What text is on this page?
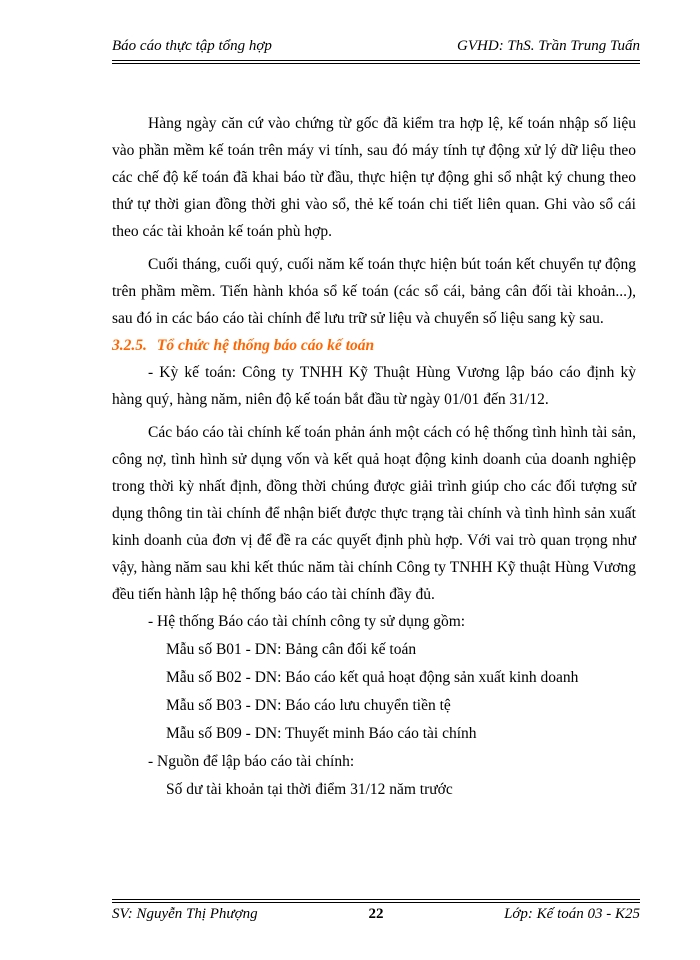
Báo cáo thực tập tổng hợp	GVHD: ThS. Trần Trung Tuấn

Hàng ngày căn cứ vào chứng từ gốc đã kiểm tra hợp lệ, kế toán nhập số liệu vào phần mềm kế toán trên máy vi tính, sau đó máy tính tự động xử lý dữ liệu theo các chế độ kế toán đã khai báo từ đầu, thực hiện tự động ghi sổ nhật ký chung theo thứ tự thời gian đồng thời ghi vào sổ, thẻ kế toán chi tiết liên quan. Ghi vào sổ cái theo các tài khoản kế toán phù hợp.

Cuối tháng, cuối quý, cuối năm kế toán thực hiện bút toán kết chuyển tự động trên phầm mềm. Tiến hành khóa sổ kế toán (các sổ cái, bảng cân đối tài khoản...), sau đó in các báo cáo tài chính để lưu trữ sử liệu và chuyển số liệu sang kỳ sau.

3.2.5. Tổ chức hệ thống báo cáo kế toán

- Kỳ kế toán: Công ty TNHH Kỹ Thuật Hùng Vương lập báo cáo định kỳ hàng quý, hàng năm, niên độ kế toán bắt đầu từ ngày 01/01 đến 31/12.

Các báo cáo tài chính kế toán phản ánh một cách có hệ thống tình hình tài sản, công nợ, tình hình sử dụng vốn và kết quả hoạt động kinh doanh của doanh nghiệp trong thời kỳ nhất định, đồng thời chúng được giải trình giúp cho các đối tượng sử dụng thông tin tài chính để nhận biết được thực trạng tài chính và tình hình sản xuất kinh doanh của đơn vị để đề ra các quyết định phù hợp. Với vai trò quan trọng như vậy, hàng năm sau khi kết thúc năm tài chính Công ty TNHH Kỹ thuật Hùng Vương đều tiến hành lập hệ thống báo cáo tài chính đầy đủ.

- Hệ thống Báo cáo tài chính công ty sử dụng gồm:

Mẫu số B01 - DN: Bảng cân đối kế toán

Mẫu số B02 - DN: Báo cáo kết quả hoạt động sản xuất kinh doanh

Mẫu số B03 - DN: Báo cáo lưu chuyển tiền tệ

Mẫu số B09 - DN: Thuyết minh Báo cáo tài chính

- Nguồn để lập báo cáo tài chính:

Số dư tài khoản tại thời điểm 31/12 năm trước

SV: Nguyễn Thị Phượng	22	Lớp: Kế toán 03 - K25
